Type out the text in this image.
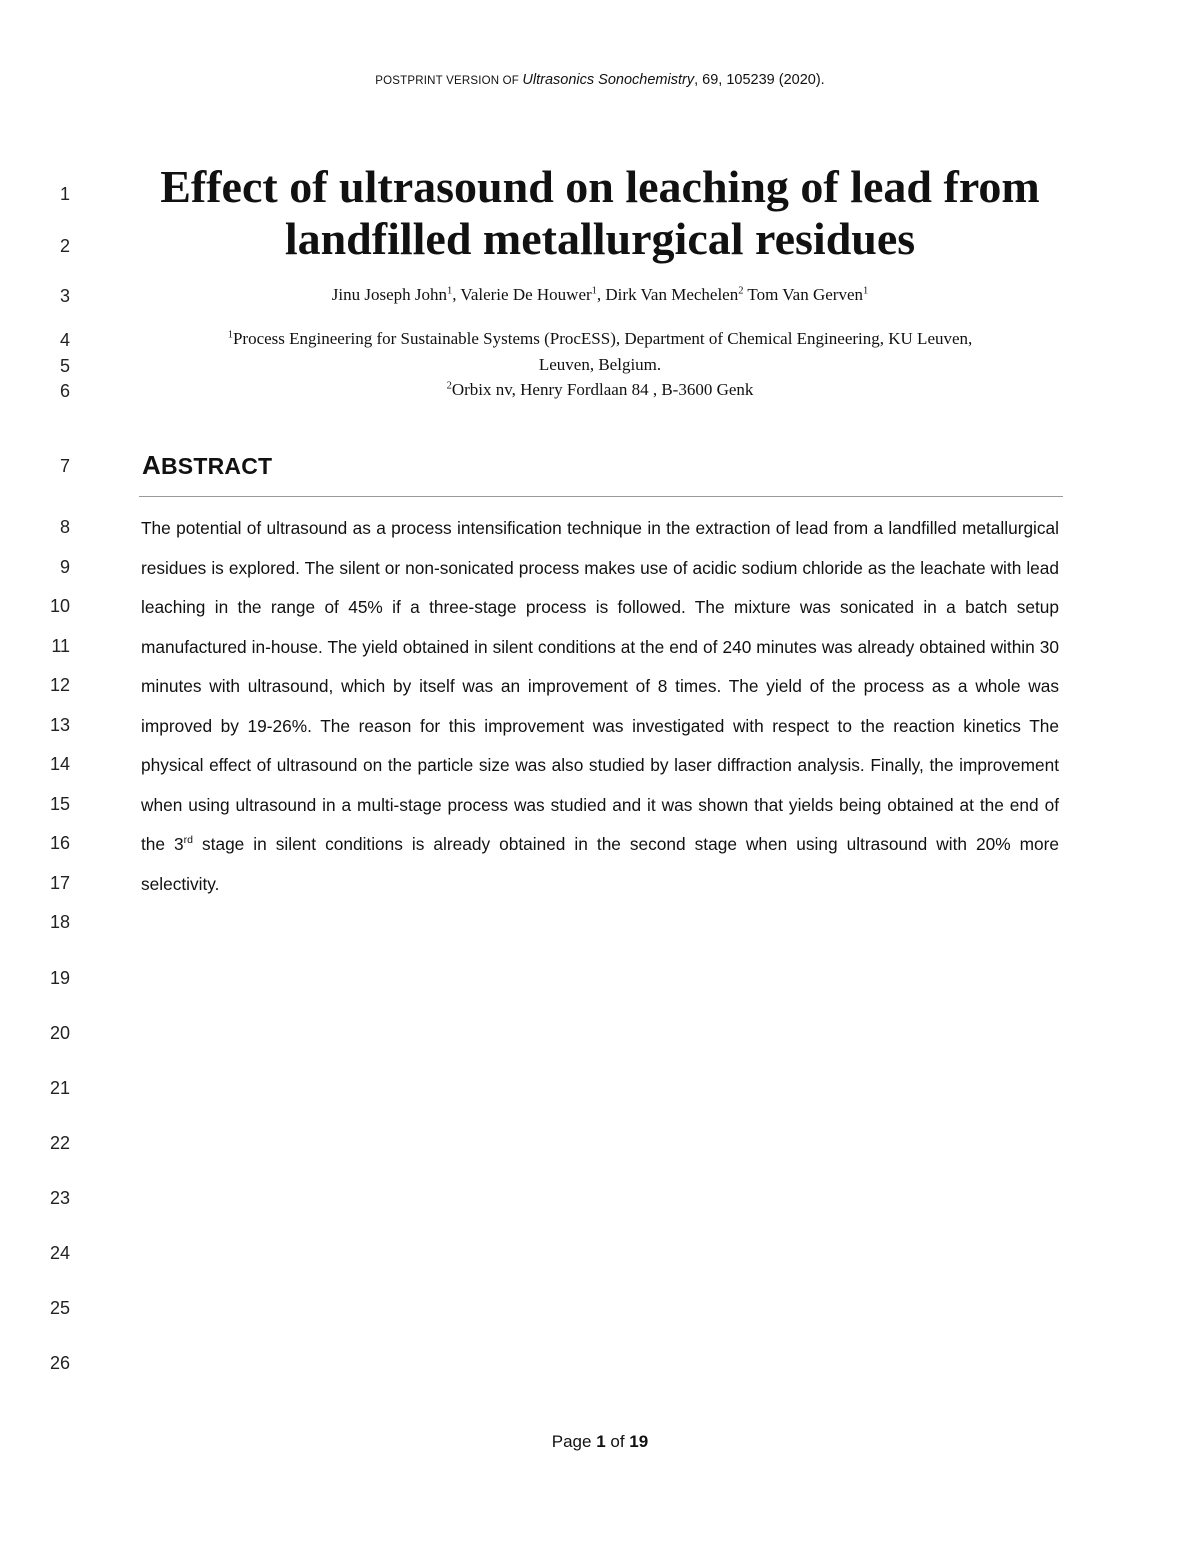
POSTPRINT VERSION OF Ultrasonics Sonochemistry, 69, 105239 (2020).
1
2
3
4
5
6
7
8
9
10
11
12
13
14
15
16
17
18
19
20
21
22
23
24
25
26
Effect of ultrasound on leaching of lead from
landfilled metallurgical residues
Jinu Joseph John$^1$, Valerie De Houwer$^1$, Dirk Van Mechelen$^2$ Tom Van Gerven$^1$
$^1$Process Engineering for Sustainable Systems (ProcESS), Department of Chemical Engineering, KU Leuven,
Leuven, Belgium.
$^2$Orbix nv, Henry Fordlaan 84 , B-3600 Genk
ABSTRACT
The potential of ultrasound as a process intensification technique in the extraction of lead from a landfilled metallurgical residues is explored. The silent or non-sonicated process makes use of acidic sodium chloride as the leachate with lead leaching in the range of 45% if a three-stage process is followed. The mixture was sonicated in a batch setup manufactured in-house. The yield obtained in silent conditions at the end of 240 minutes was already obtained within 30 minutes with ultrasound, which by itself was an improvement of 8 times. The yield of the process as a whole was improved by 19-26%. The reason for this improvement was investigated with respect to the reaction kinetics The physical effect of ultrasound on the particle size was also studied by laser diffraction analysis. Finally, the improvement when using ultrasound in a multi-stage process was studied and it was shown that yields being obtained at the end of the 3rd stage in silent conditions is already obtained in the second stage when using ultrasound with 20% more selectivity.
Page 1 of 19
